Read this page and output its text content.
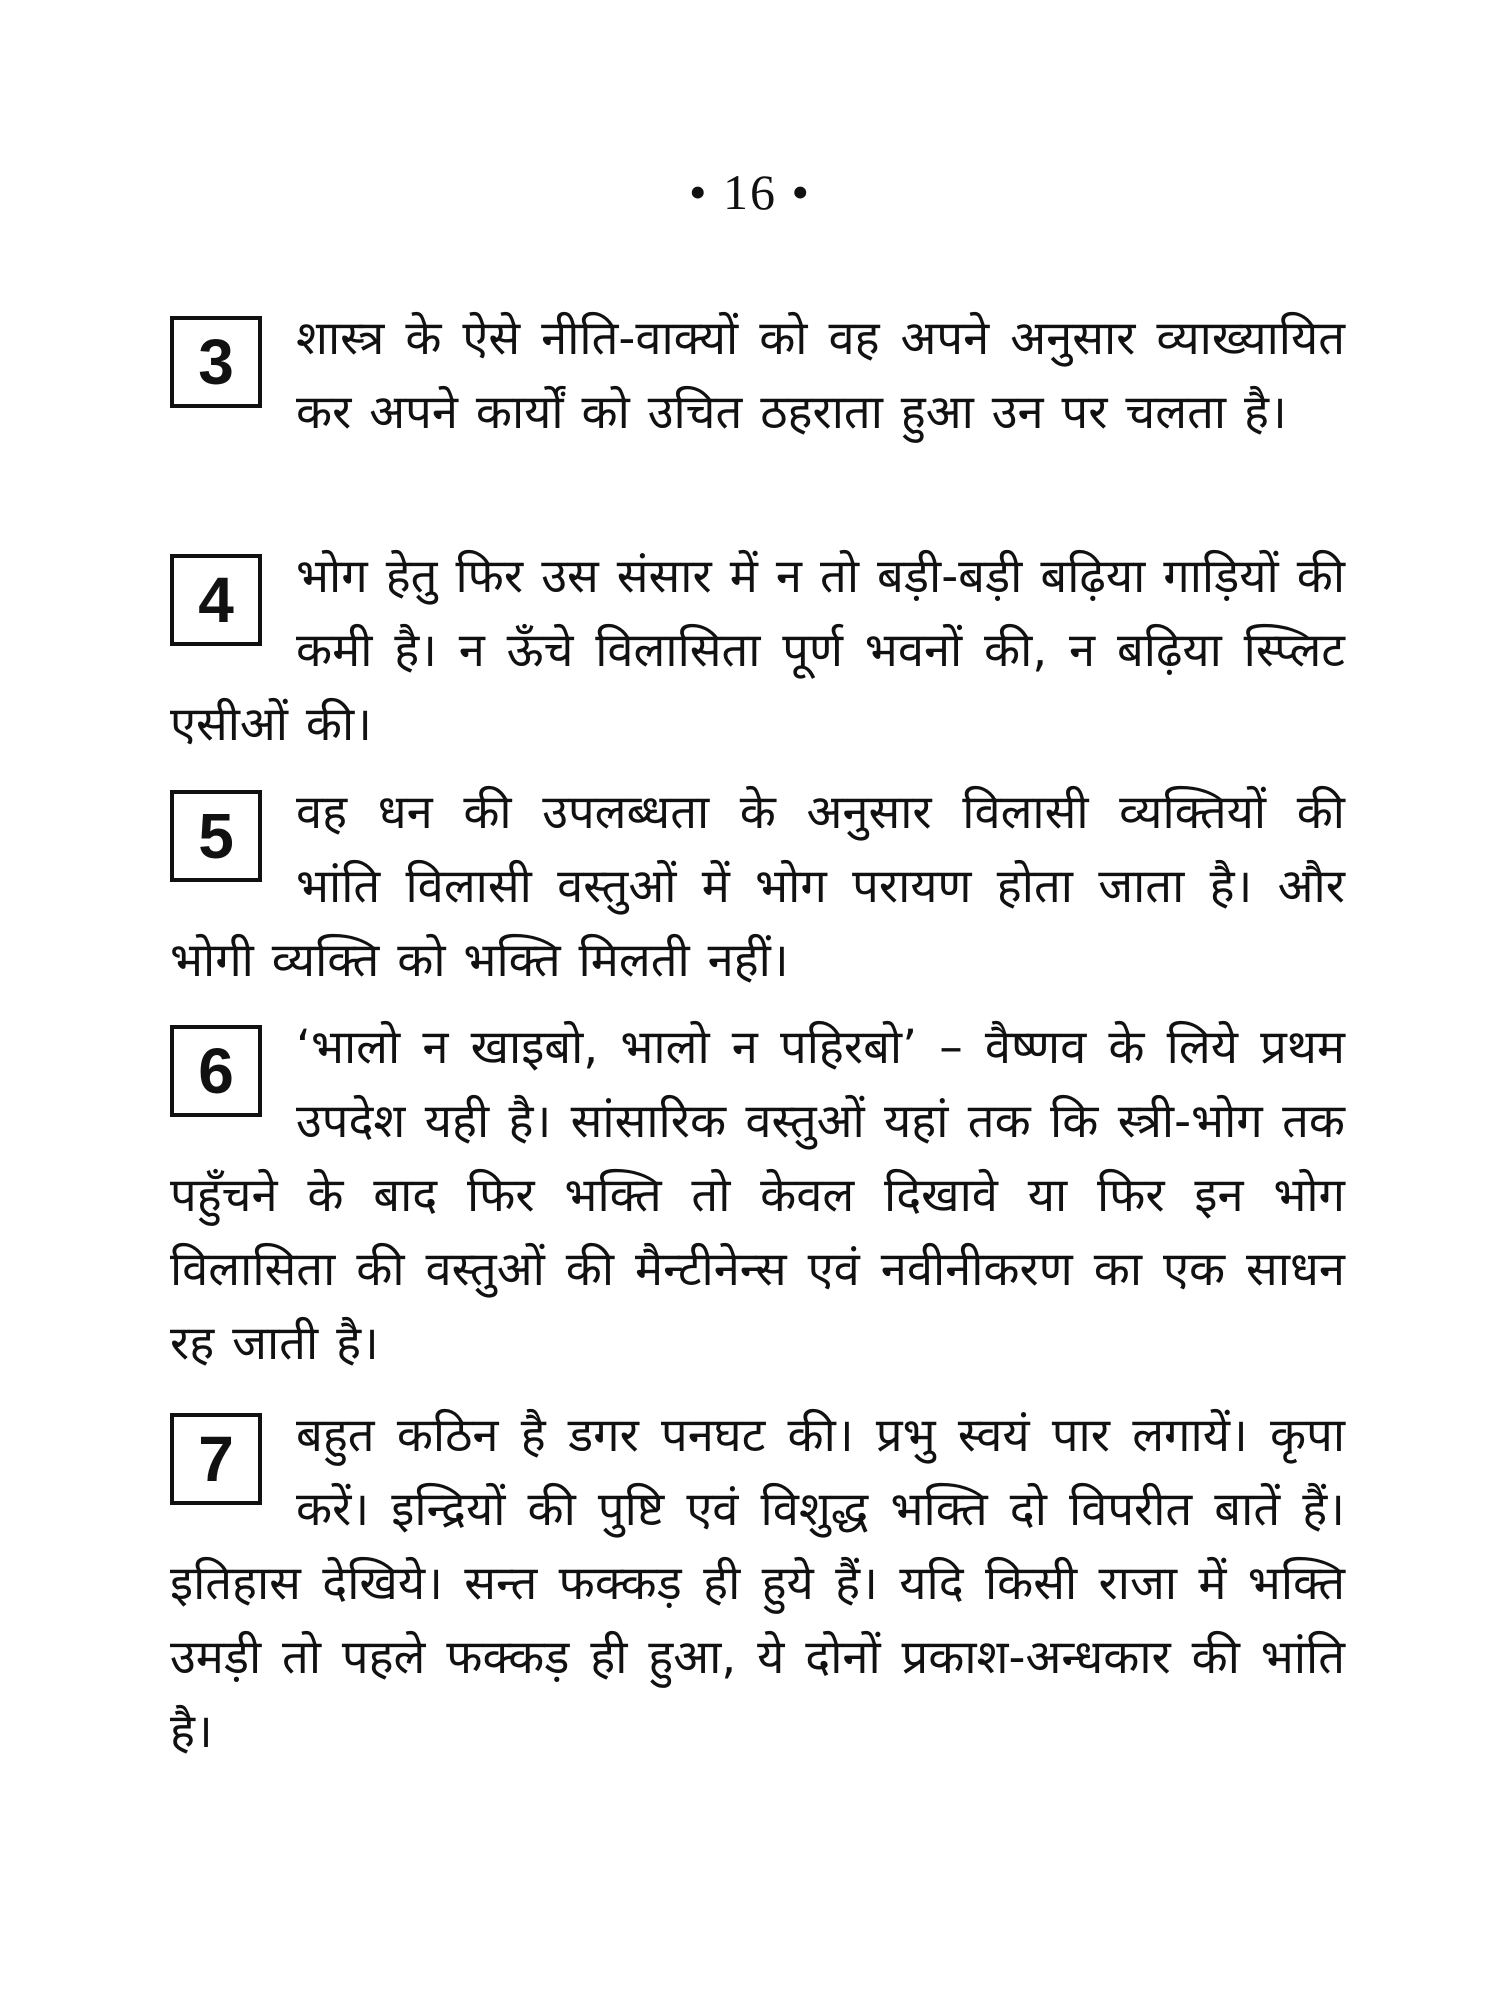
• 16 •
3	शास्त्र के ऐसे नीति-वाक्यों को वह अपने अनुसार व्याख्यायित कर अपने कार्यों को उचित ठहराता हुआ उन पर चलता है।
4	भोग हेतु फिर उस संसार में न तो बड़ी-बड़ी बढ़िया गाड़ियों की कमी है। न ऊँचे विलासिता पूर्ण भवनों की, न बढ़िया स्प्लिट एसीओं की।
5	वह धन की उपलब्धता के अनुसार विलासी व्यक्तियों की भांति विलासी वस्तुओं में भोग परायण होता जाता है। और भोगी व्यक्ति को भक्ति मिलती नहीं।
6	‘भालो न खाइबो, भालो न पहिरबो’ – वैष्णव के लिये प्रथम उपदेश यही है। सांसारिक वस्तुओं यहां तक कि स्त्री-भोग तक पहुँचने के बाद फिर भक्ति तो केवल दिखावे या फिर इन भोग विलासिता की वस्तुओं की मैन्टीनेन्स एवं नवीनीकरण का एक साधन रह जाती है।
7	बहुत कठिन है डगर पनघट की। प्रभु स्वयं पार लगायें। कृपा करें। इन्द्रियों की पुष्टि एवं विशुद्ध भक्ति दो विपरीत बातें हैं। इतिहास देखिये। सन्त फक्कड़ ही हुये हैं। यदि किसी राजा में भक्ति उमड़ी तो पहले फक्कड़ ही हुआ, ये दोनों प्रकाश-अन्धकार की भांति है।
